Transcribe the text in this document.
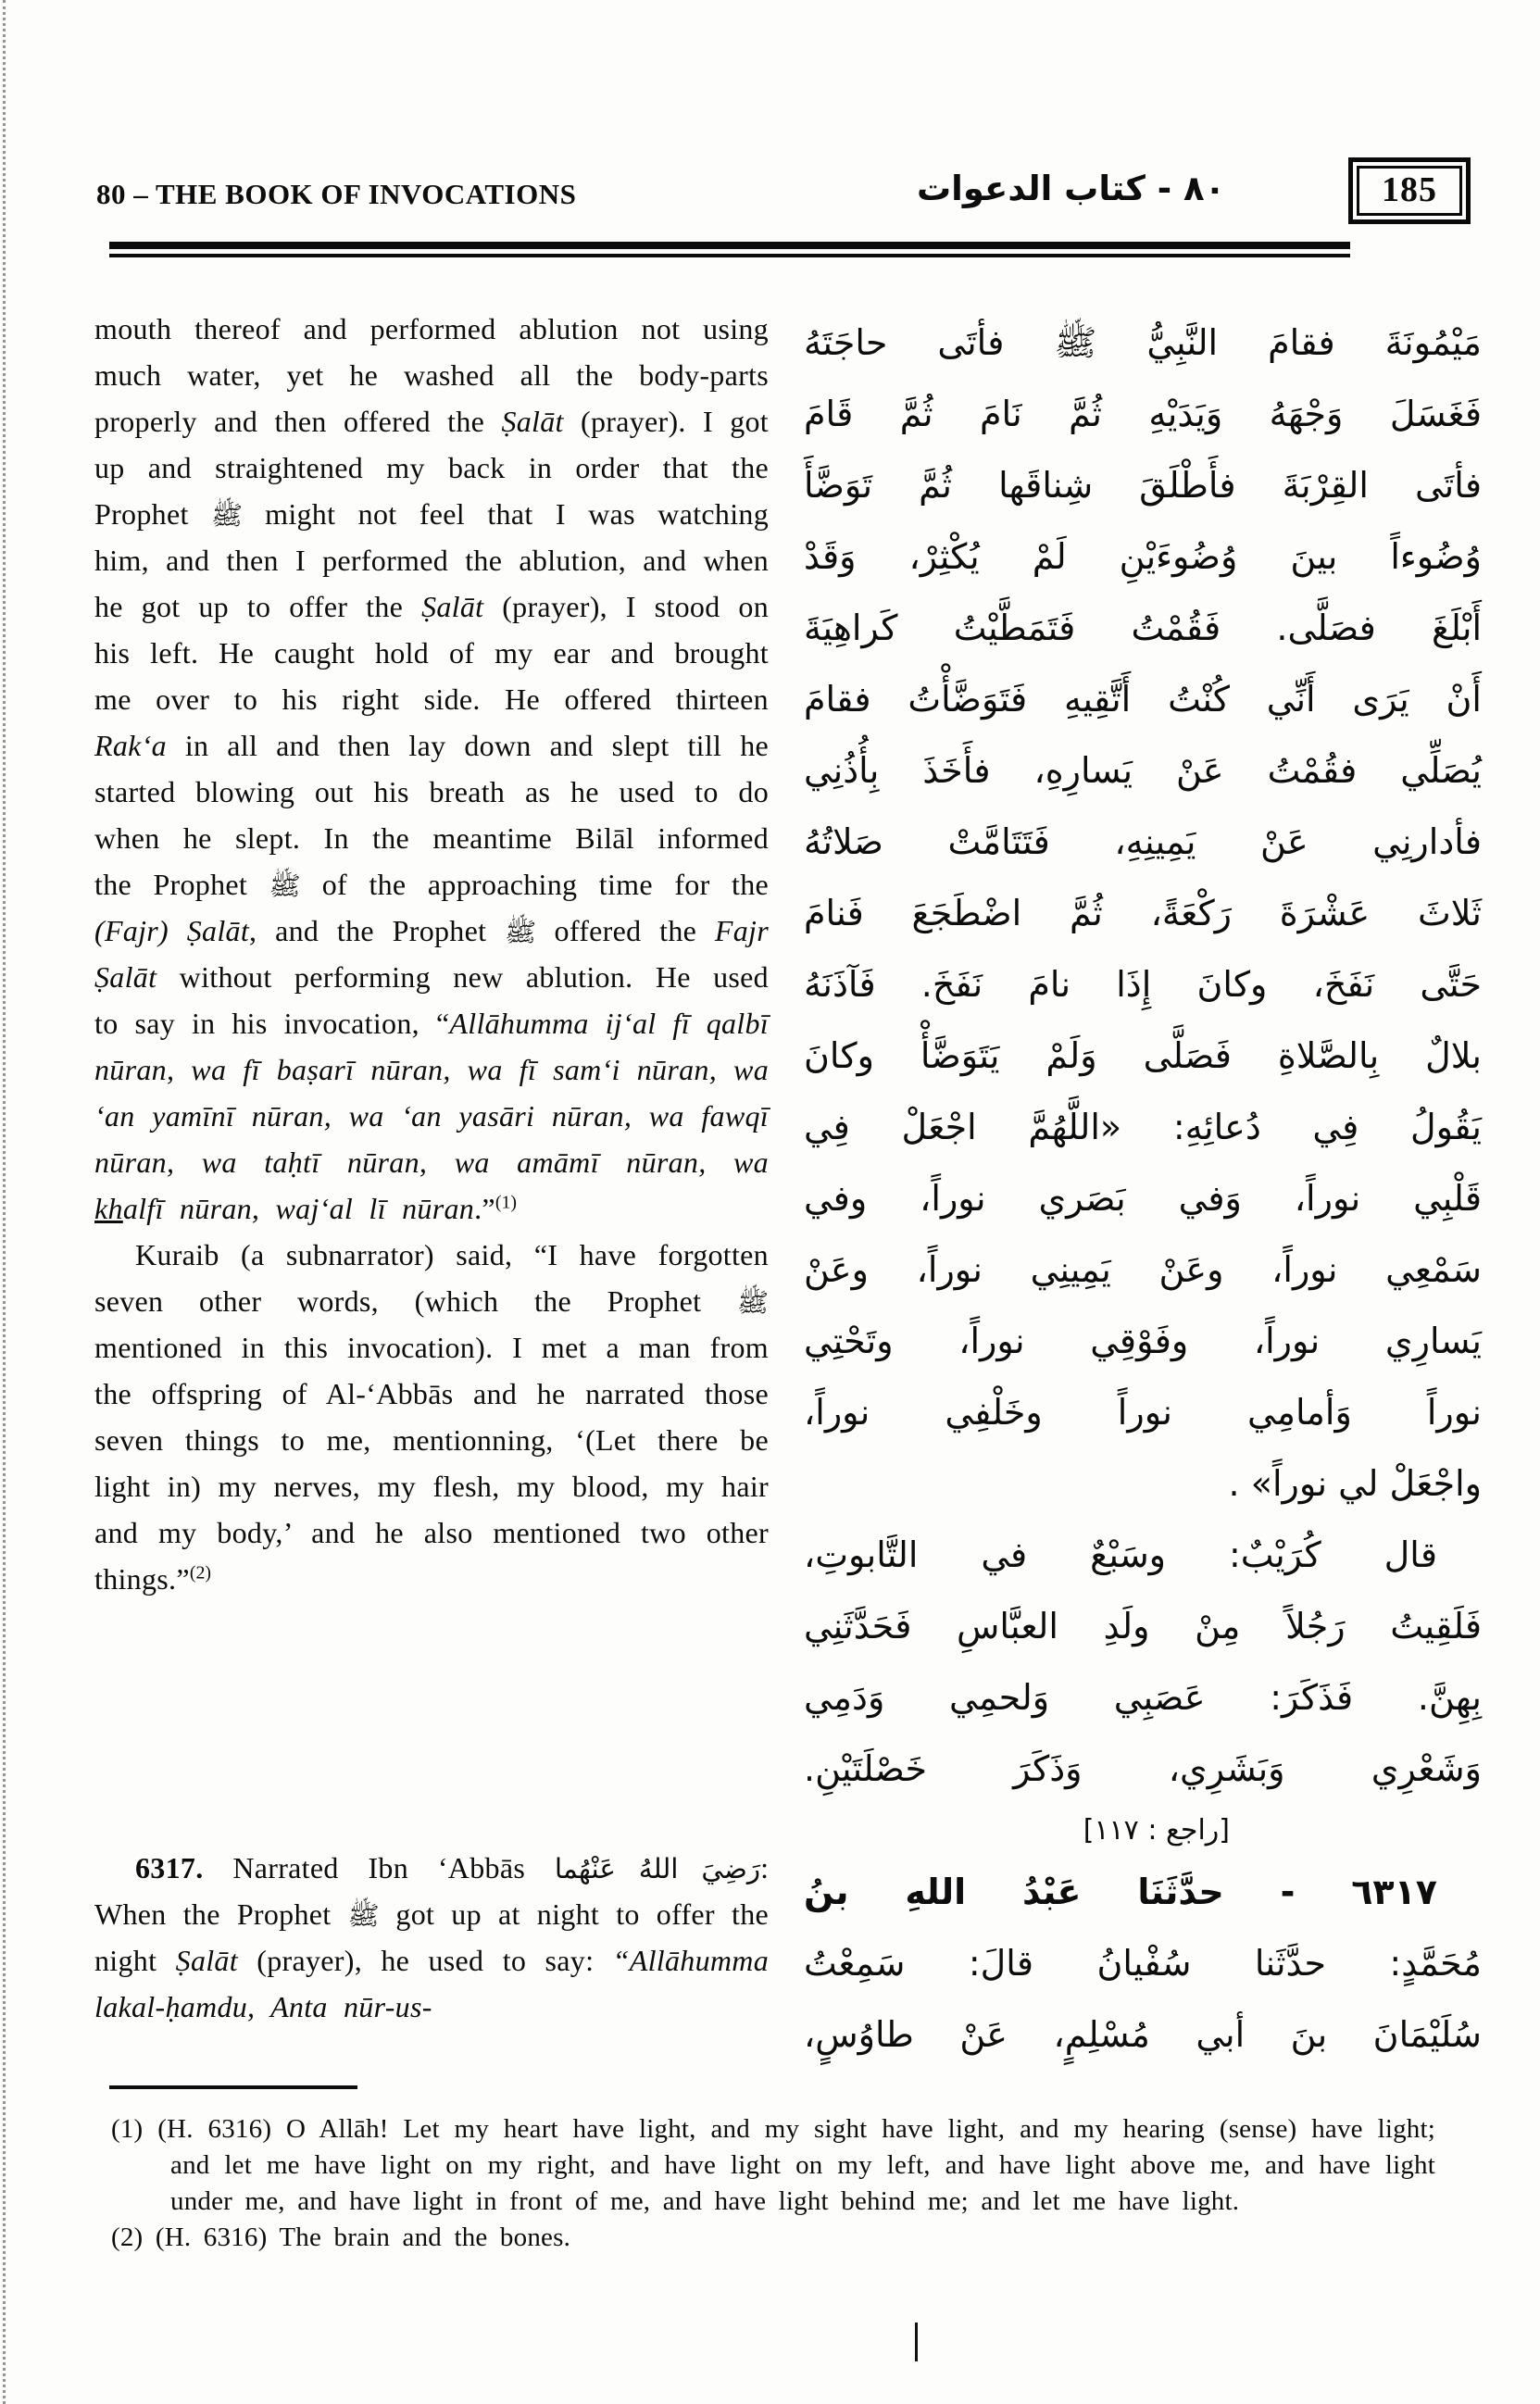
80 – THE BOOK OF INVOCATIONS	٨٠ - كتاب الدعوات	185

mouth thereof and performed ablution not using much water, yet he washed all the body-parts properly and then offered the Ṣalāt (prayer). I got up and straightened my back in order that the Prophet ﷺ might not feel that I was watching him, and then I performed the ablution, and when he got up to offer the Ṣalāt (prayer), I stood on his left. He caught hold of my ear and brought me over to his right side. He offered thirteen Rak‘a in all and then lay down and slept till he started blowing out his breath as he used to do when he slept. In the meantime Bilāl informed the Prophet ﷺ of the approaching time for the (Fajr) Ṣalāt, and the Prophet ﷺ offered the Fajr Ṣalāt without performing new ablution. He used to say in his invocation, “Allāhumma ij‘al fī qalbī nūran, wa fī baṣarī nūran, wa fī sam‘i nūran, wa ‘an yamīnī nūran, wa ‘an yasāri nūran, wa fawqī nūran, wa taḥtī nūran, wa amāmī nūran, wa khalfī nūran, waj‘al lī nūran.”$^{(1)}$

Kuraib (a subnarrator) said, “I have forgotten seven other words, (which the Prophet ﷺ mentioned in this invocation). I met a man from the offspring of Al-‘Abbās and he narrated those seven things to me, mentionning, ‘(Let there be light in) my nerves, my flesh, my blood, my hair and my body,’ and he also mentioned two other things.”$^{(2)}$

6317. Narrated Ibn ‘Abbās رَضِيَ اللهُ عَنْهُما: When the Prophet ﷺ got up at night to offer the night Ṣalāt (prayer), he used to say: “Allāhumma lakal-ḥamdu, Anta nūr-us-

مَيْمُونَةَ فقامَ النَّبِيُّ ﷺ فأتَى حاجَتَهُ
فَغَسَلَ وَجْهَهُ وَيَدَيْهِ ثُمَّ نَامَ ثُمَّ قَامَ
فأتَى القِرْبَةَ فأَطْلَقَ شِناقَها ثُمَّ تَوَضَّأَ
وُضُوءاً بينَ وُضُوءَيْنِ لَمْ يُكْثِرْ، وَقَدْ
أَبْلَغَ فصَلَّى. فَقُمْتُ فَتَمَطَّيْتُ كَراهِيَةَ
أَنْ يَرَى أَنِّي كُنْتُ أَتَّقِيهِ فَتَوَضَّأْتُ فقامَ
يُصَلِّي فقُمْتُ عَنْ يَسارِهِ، فأَخَذَ بِأُذُنِي
فأدارنِي عَنْ يَمِينِهِ، فَتَتَامَّتْ صَلاتُهُ
ثَلاثَ عَشْرَةَ رَكْعَةً، ثُمَّ اضْطَجَعَ فَنامَ
حَتَّى نَفَخَ، وكانَ إِذَا نامَ نَفَخَ. فَآذَنَهُ
بلالٌ بِالصَّلاةِ فَصَلَّى وَلَمْ يَتَوَضَّأْ وكانَ
يَقُولُ فِي دُعائِهِ: «اللَّهُمَّ اجْعَلْ فِي
قَلْبِي نوراً، وَفي بَصَري نوراً، وفي
سَمْعِي نوراً، وعَنْ يَمِينِي نوراً، وعَنْ
يَسارِي نوراً، وفَوْقِي نوراً، وتَحْتِي
نوراً وَأمامِي نوراً وخَلْفِي نوراً،
واجْعَلْ لي نوراً» .
قال كُرَيْبٌ: وسَبْعٌ في التَّابوتِ،
فَلَقِيتُ رَجُلاً مِنْ ولَدِ العبَّاسِ فَحَدَّثَنِي
بِهِنَّ. فَذَكَرَ: عَصَبِي وَلحمِي وَدَمِي
وَشَعْرِي وَبَشَرِي، وَذَكَرَ خَصْلَتَيْنِ.
[راجع : ١١٧]
٦٣١٧ - حدَّثَنَا عَبْدُ اللهِ بنُ
مُحَمَّدٍ: حدَّثَنا سُفْيانُ قالَ: سَمِعْتُ
سُلَيْمَانَ بنَ أبي مُسْلِمٍ، عَنْ طاوُسٍ،

(1) (H. 6316) O Allāh! Let my heart have light, and my sight have light, and my hearing (sense) have light; and let me have light on my right, and have light on my left, and have light above me, and have light under me, and have light in front of me, and have light behind me; and let me have light.

(2) (H. 6316) The brain and the bones.
